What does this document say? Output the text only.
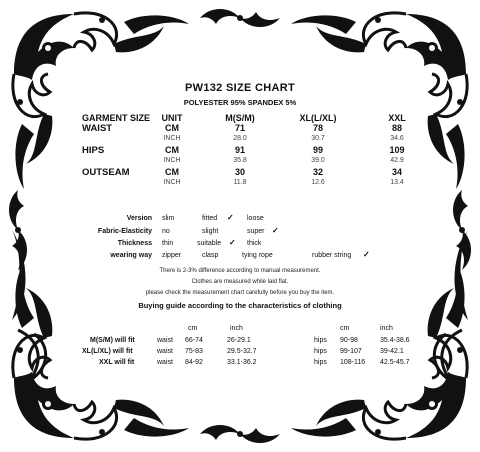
PW132 SIZE CHART
POLYESTER 95% SPANDEX 5%
GARMENT SIZE	UNIT	M(S/M)	XL(L/XL)	XXL
WAIST	CM	71	78	88
INCH	28.0	30.7	34.6
HIPS	CM	91	99	109
INCH	35.8	39.0	42.9
OUTSEAM	CM	30	32	34
INCH	11.8	12.6	13.4
Version slim	fitted ✓ loose
Fabric-Elasticity no	slight	super ✓
Thickness thin	suitable ✓ thick
wearing way zipper	clasp	tying rope	rubber string ✓
There is 2-3% difference according to manual measurement.
Clothes are measured while laid flat.
please check the measurement chart carefully before you buy the item.
Buying guide according to the characteristics of clothing
cm	inch	cm	inch
M(S/M) will fit	waist 66-74	26-29.1	hips 90-98	35.4-38.6
XL(L/XL) will fit	waist 75-83	29.5-32.7	hips 99-107	39-42.1
XXL will fit	waist 84-92	33.1-36.2	hips 108-116 42.5-45.7
